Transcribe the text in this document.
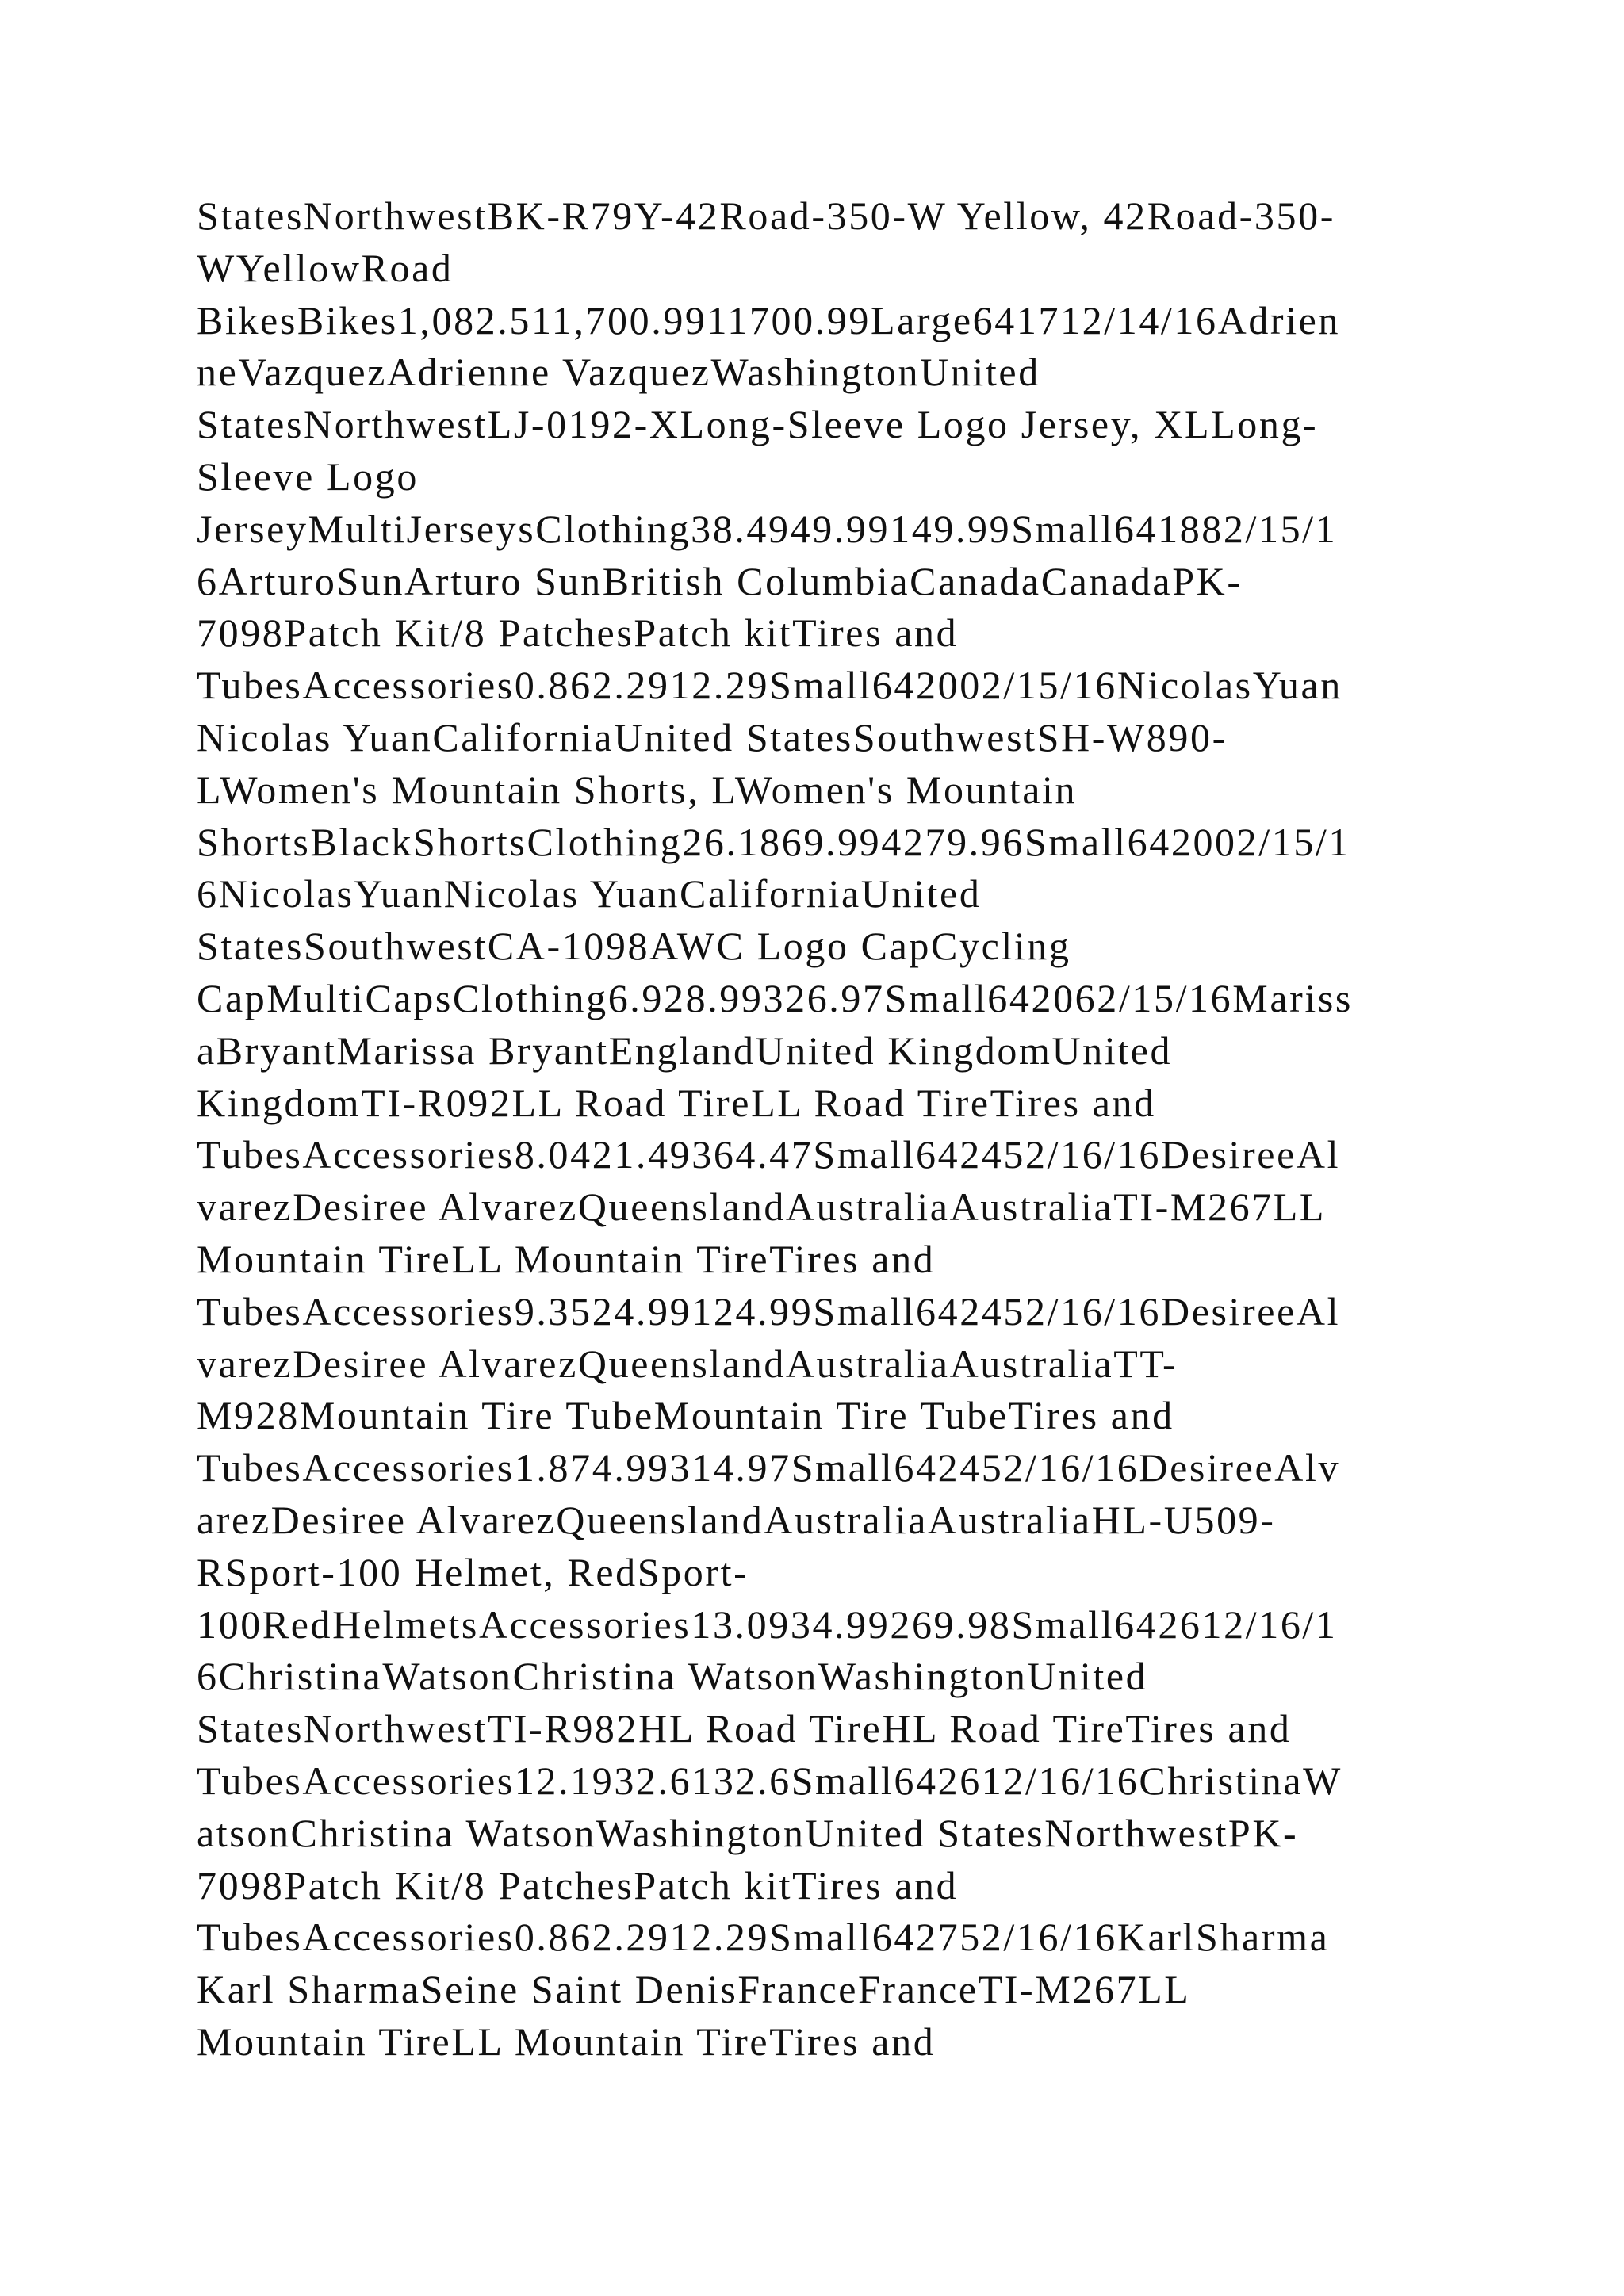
StatesNorthwestBK-R79Y-42Road-350-W Yellow, 42Road-350-
WYellowRoad
BikesBikes1,082.511,700.9911700.99Large641712/14/16Adrien
neVazquezAdrienne VazquezWashingtonUnited
StatesNorthwestLJ-0192-XLong-Sleeve Logo Jersey, XLLong-
Sleeve Logo
JerseyMultiJerseysClothing38.4949.99149.99Small641882/15/1
6ArturoSunArturo SunBritish ColumbiaCanadaCanadaPK-
7098Patch Kit/8 PatchesPatch kitTires and
TubesAccessories0.862.2912.29Small642002/15/16NicolasYuan
Nicolas YuanCaliforniaUnited StatesSouthwestSH-W890-
LWomen's Mountain Shorts, LWomen's Mountain
ShortsBlackShortsClothing26.1869.994279.96Small642002/15/1
6NicolasYuanNicolas YuanCaliforniaUnited
StatesSouthwestCA-1098AWC Logo CapCycling
CapMultiCapsClothing6.928.99326.97Small642062/15/16Mariss
aBryantMarissa BryantEnglandUnited KingdomUnited
KingdomTI-R092LL Road TireLL Road TireTires and
TubesAccessories8.0421.49364.47Small642452/16/16DesireeAl
varezDesiree AlvarezQueenslandAustraliaAustraliaTI-M267LL
Mountain TireLL Mountain TireTires and
TubesAccessories9.3524.99124.99Small642452/16/16DesireeAl
varezDesiree AlvarezQueenslandAustraliaAustraliaTT-
M928Mountain Tire TubeMountain Tire TubeTires and
TubesAccessories1.874.99314.97Small642452/16/16DesireeAlv
arezDesiree AlvarezQueenslandAustraliaAustraliaHL-U509-
RSport-100 Helmet, RedSport-
100RedHelmetsAccessories13.0934.99269.98Small642612/16/1
6ChristinaWatsonChristina WatsonWashingtonUnited
StatesNorthwestTI-R982HL Road TireHL Road TireTires and
TubesAccessories12.1932.6132.6Small642612/16/16ChristinaW
atsonChristina WatsonWashingtonUnited StatesNorthwestPK-
7098Patch Kit/8 PatchesPatch kitTires and
TubesAccessories0.862.2912.29Small642752/16/16KarlSharma
Karl SharmaSeine Saint DenisFranceFranceTI-M267LL
Mountain TireLL Mountain TireTires and
